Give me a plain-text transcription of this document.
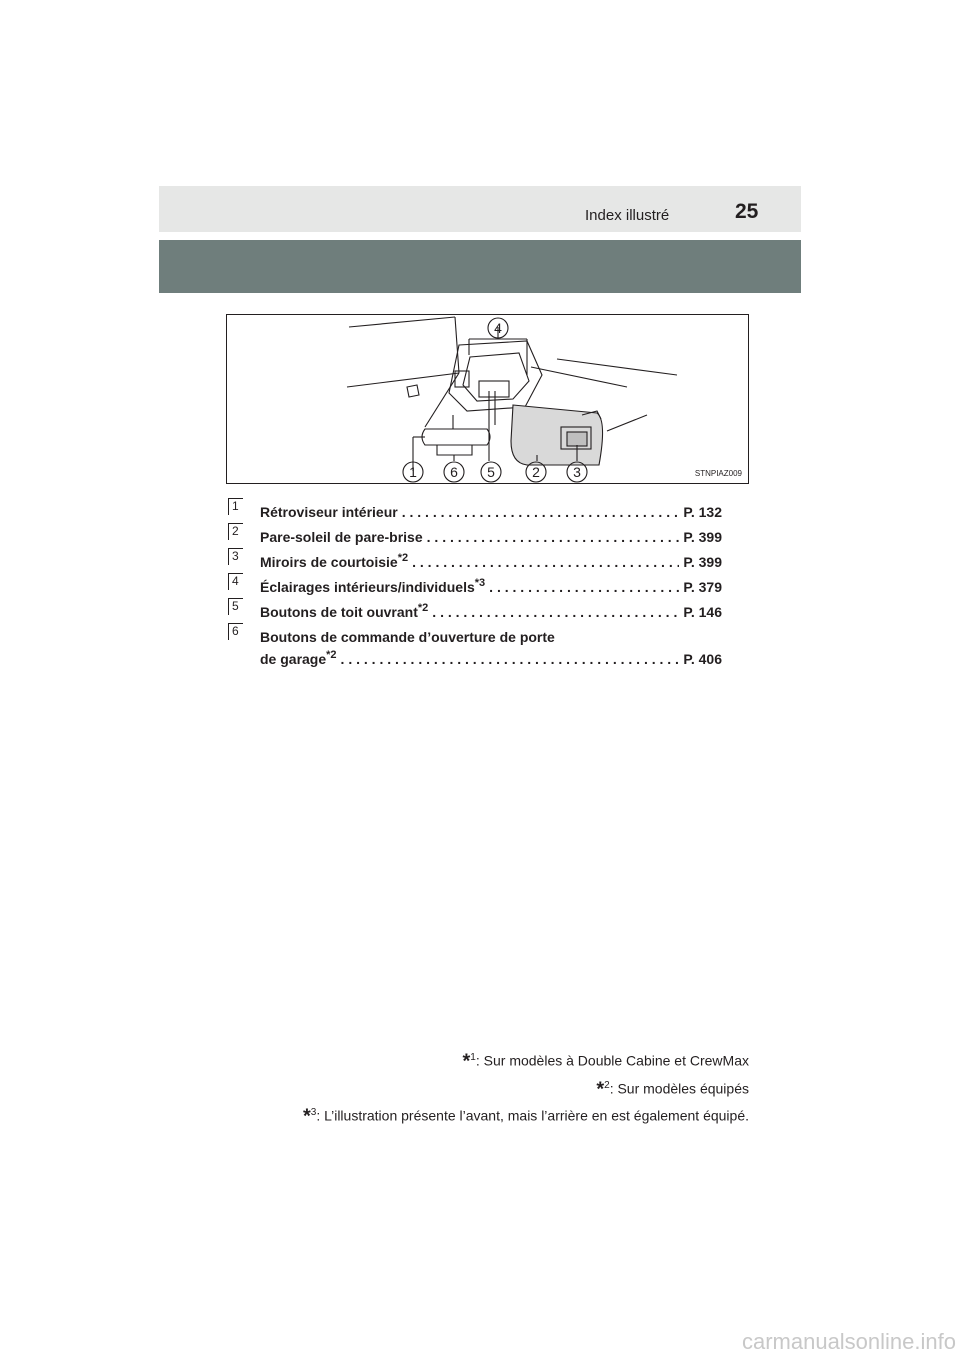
Index illustré	25
4
1	6	5	2	3	STNPIAZ009
1	Rétroviseur intérieur . . .	P. 132
2	Pare-soleil de pare-brise . . .	P. 399
3	Miroirs de courtoisie$^{*2}$ . . .	P. 399
4	Éclairages intérieurs/individuels$^{*3}$ . . .	P. 379
5	Boutons de toit ouvrant$^{*2}$ . . .	P. 146
6	Boutons de commande d’ouverture de porte
de garage$^{*2}$ . . .	P. 406
*$^1$: Sur modèles à Double Cabine et CrewMax
*$^2$: Sur modèles équipés
*$^3$: L’illustration présente l’avant, mais l’arrière en est également équipé.
carmanualsonline.info
